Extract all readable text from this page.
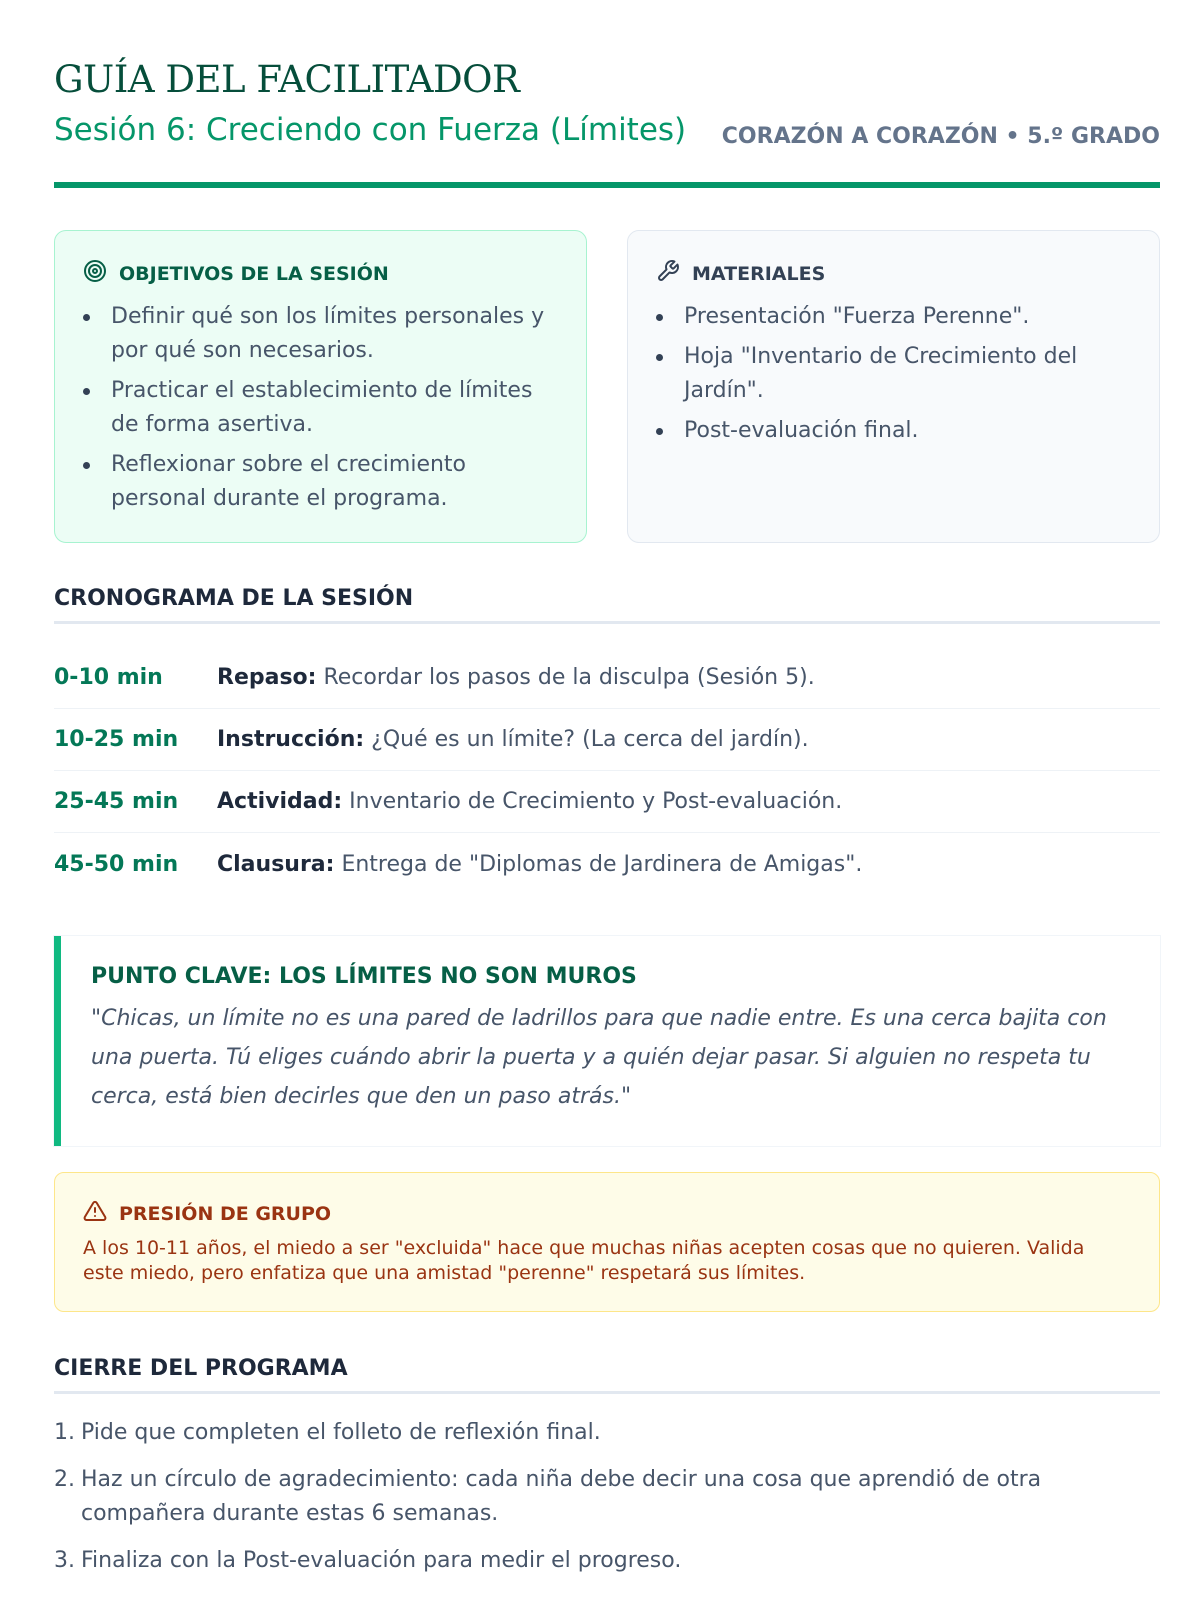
GUÍA DEL FACILITADOR
Sesión 6: Creciendo con Fuerza (Límites) CORAZÓN A CORAZÓN • 5.º GRADO
OBJETIVOS DE LA SESIÓN
Definir qué son los límites personales y por qué son necesarios.
Practicar el establecimiento de límites de forma asertiva.
Reflexionar sobre el crecimiento personal durante el programa.
MATERIALES
Presentación "Fuerza Perenne".
Hoja "Inventario de Crecimiento del Jardín".
Post-evaluación final.
CRONOGRAMA DE LA SESIÓN
0-10 min	Repaso: Recordar los pasos de la disculpa (Sesión 5).
10-25 min	Instrucción: ¿Qué es un límite? (La cerca del jardín).
25-45 min	Actividad: Inventario de Crecimiento y Post-evaluación.
45-50 min	Clausura: Entrega de "Diplomas de Jardinera de Amigas".
PUNTO CLAVE: LOS LÍMITES NO SON MUROS
"Chicas, un límite no es una pared de ladrillos para que nadie entre. Es una cerca bajita con una puerta. Tú eliges cuándo abrir la puerta y a quién dejar pasar. Si alguien no respeta tu cerca, está bien decirles que den un paso atrás."
PRESIÓN DE GRUPO
A los 10-11 años, el miedo a ser "excluida" hace que muchas niñas acepten cosas que no quieren. Valida este miedo, pero enfatiza que una amistad "perenne" respetará sus límites.
CIERRE DEL PROGRAMA
1. Pide que completen el folleto de reflexión final.
2. Haz un círculo de agradecimiento: cada niña debe decir una cosa que aprendió de otra compañera durante estas 6 semanas.
3. Finaliza con la Post-evaluación para medir el progreso.
